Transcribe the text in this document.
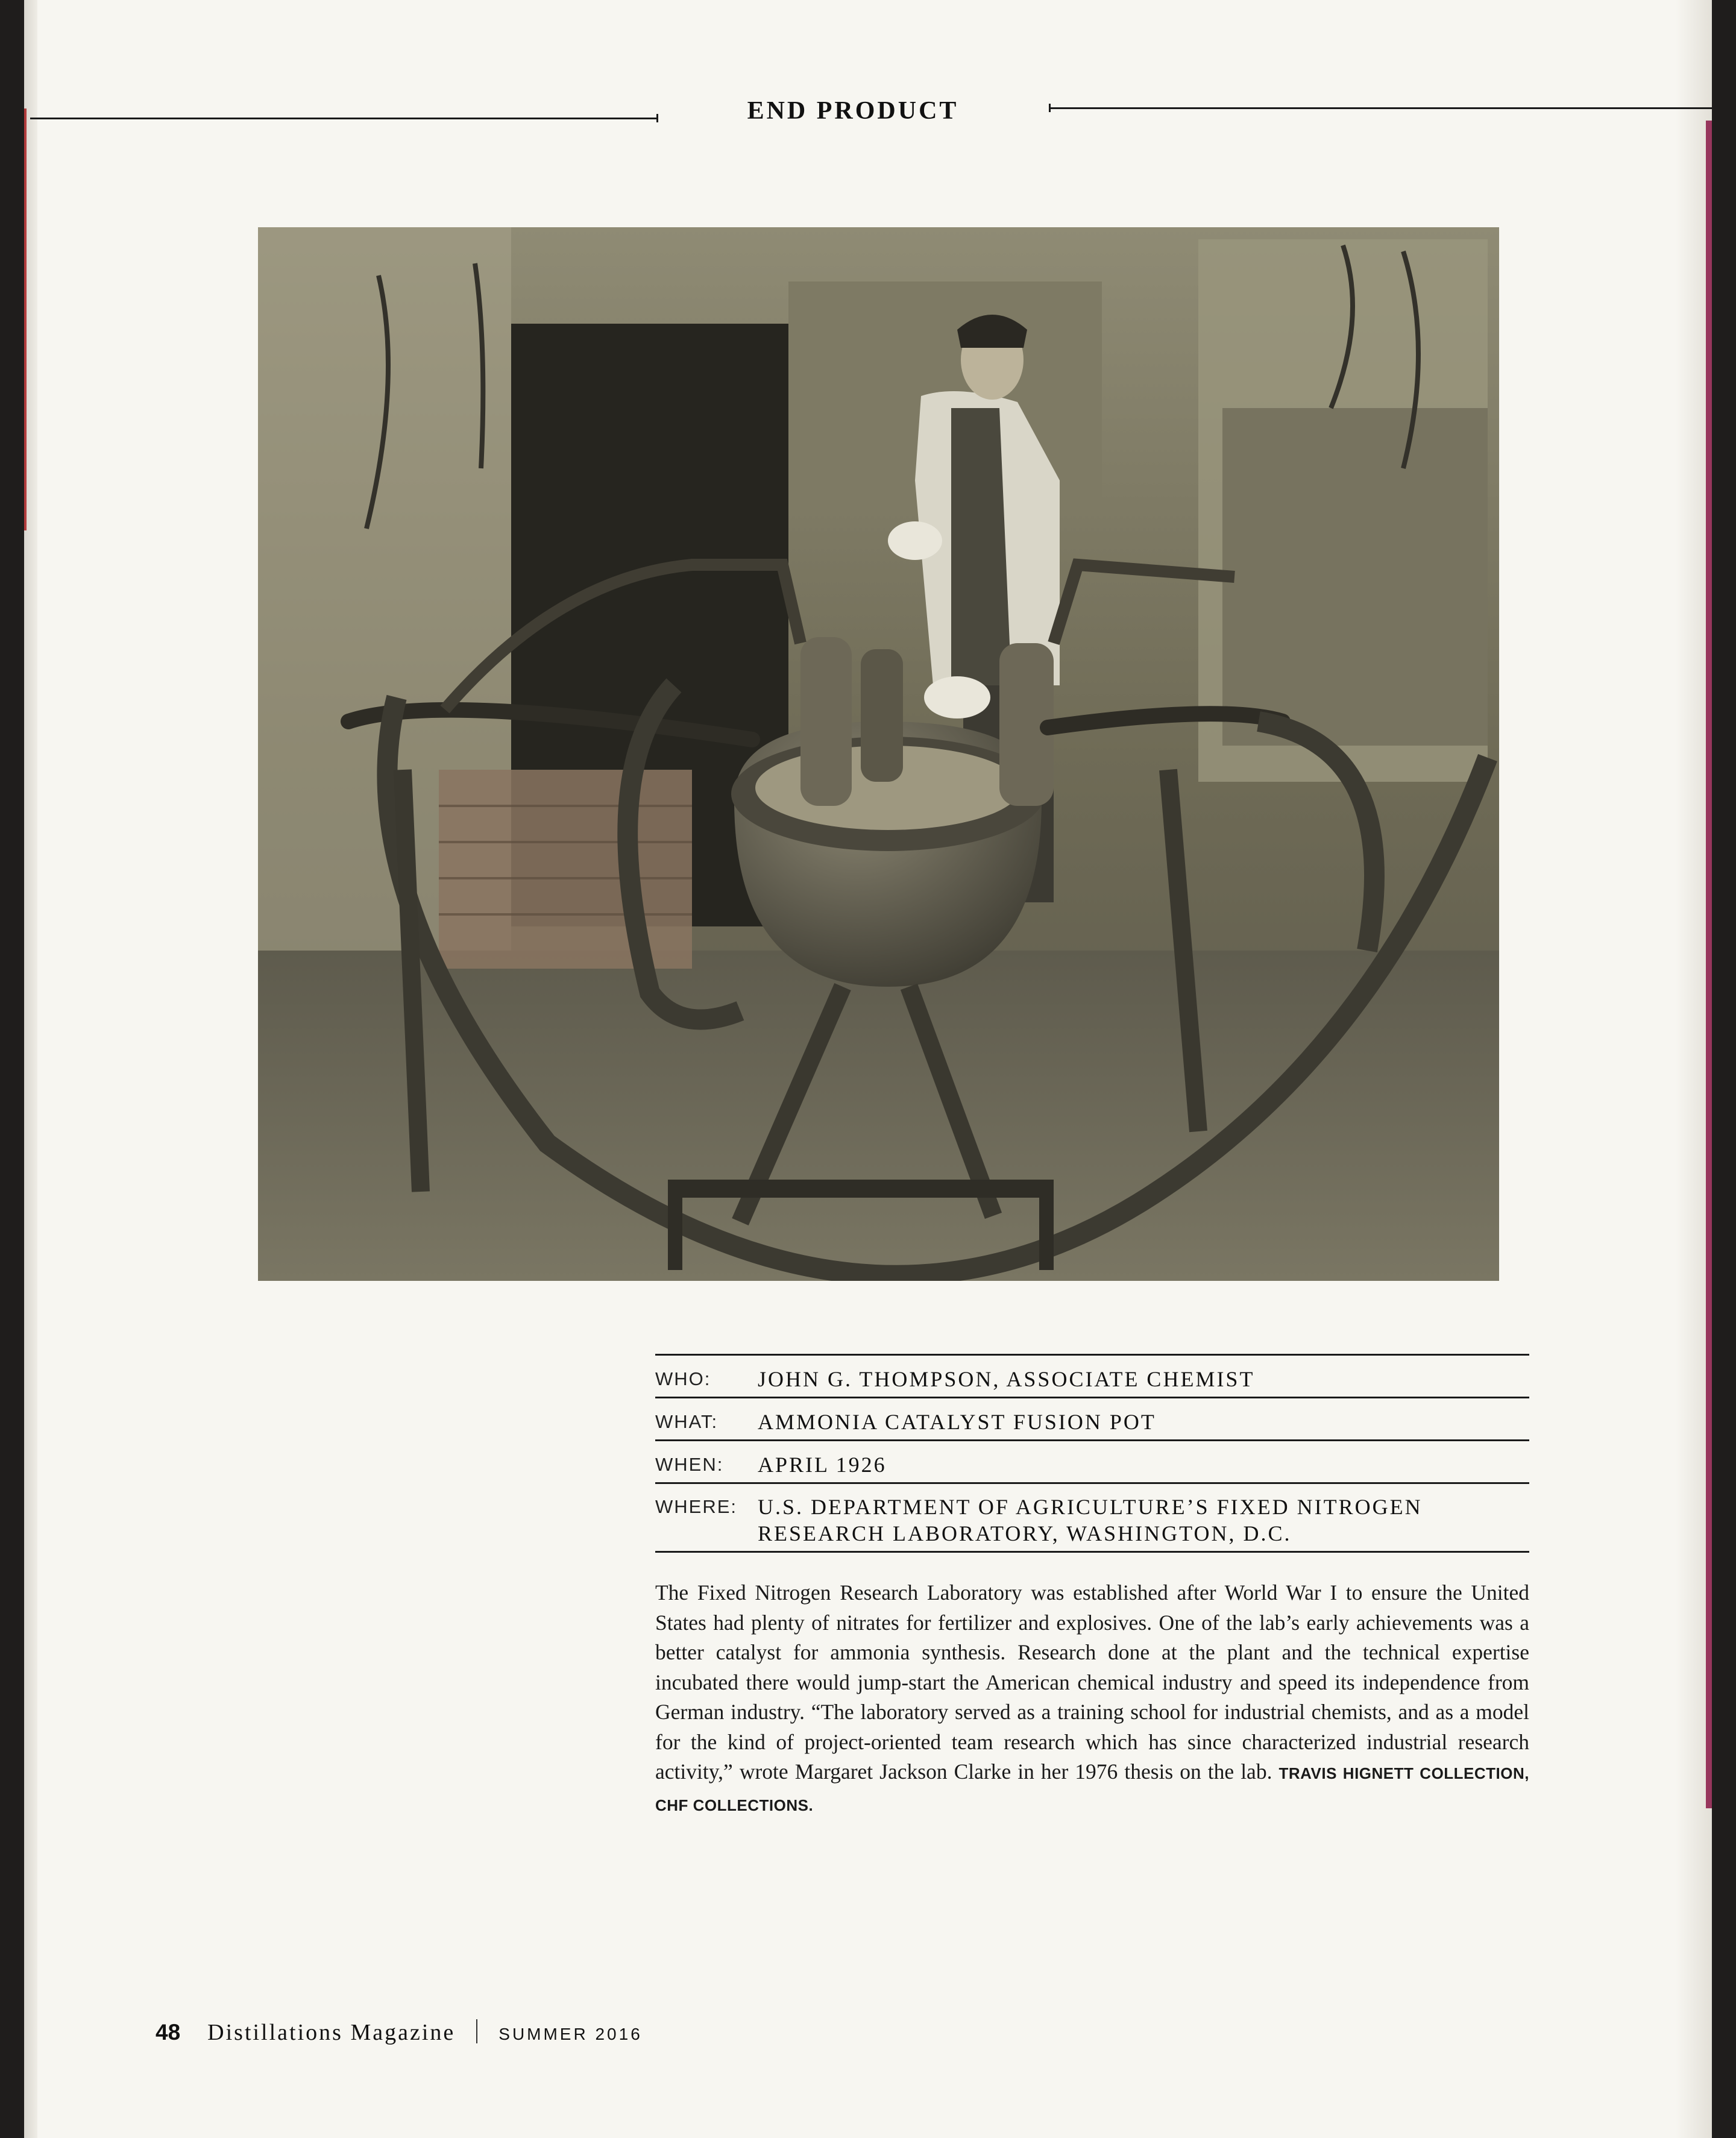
END PRODUCT
WHO: JOHN G. THOMPSON, ASSOCIATE CHEMIST
WHAT: AMMONIA CATALYST FUSION POT
WHEN: APRIL 1926
WHERE: U.S. DEPARTMENT OF AGRICULTURE’S FIXED NITROGEN
RESEARCH LABORATORY, WASHINGTON, D.C.
The Fixed Nitrogen Research Laboratory was established after World War I to ensure the United States had plenty of nitrates for fertilizer and explosives. One of the lab’s early achievements was a better catalyst for ammonia synthesis. Research done at the plant and the technical expertise incubated there would jump-start the American chemical industry and speed its independence from German industry. “The laboratory served as a training school for industrial chemists, and as a model for the kind of project-oriented team research which has since characterized industrial research activity,” wrote Margaret Jackson Clarke in her 1976 thesis on the lab. TRAVIS HIGNETT COLLECTION, CHF COLLECTIONS.
48 Distillations Magazine	SUMMER 2016
